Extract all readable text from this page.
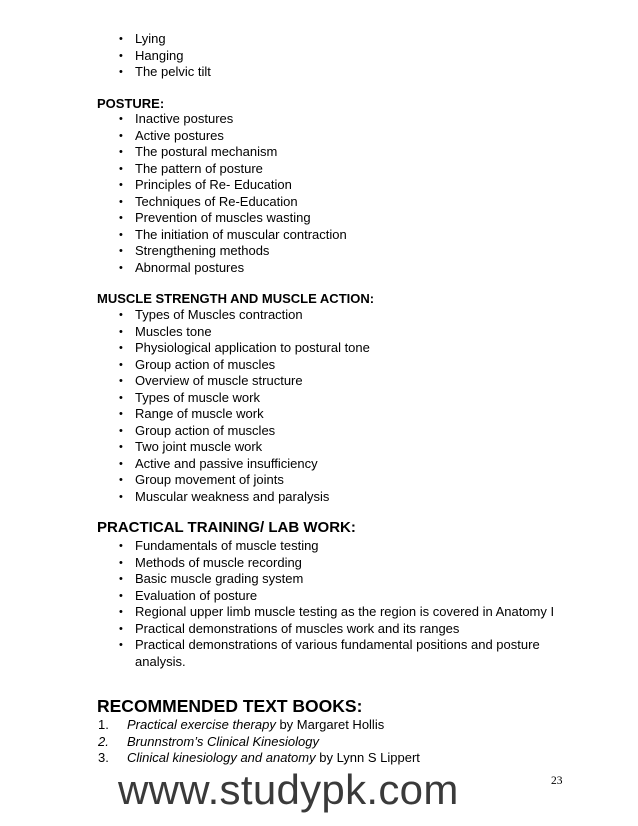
• Lying
• Hanging
• The pelvic tilt
POSTURE:
• Inactive postures
• Active postures
• The postural mechanism
• The pattern of posture
• Principles of Re- Education
• Techniques of Re-Education
• Prevention of muscles wasting
• The initiation of muscular contraction
• Strengthening methods
• Abnormal postures
MUSCLE STRENGTH AND MUSCLE ACTION:
• Types of Muscles contraction
• Muscles tone
• Physiological application to postural tone
• Group action of muscles
• Overview of muscle structure
• Types of muscle work
• Range of muscle work
• Group action of muscles
• Two joint muscle work
• Active and passive insufficiency
• Group movement of joints
• Muscular weakness and paralysis
PRACTICAL TRAINING/ LAB WORK:
• Fundamentals of muscle testing
• Methods of muscle recording
• Basic muscle grading system
• Evaluation of posture
• Regional upper limb muscle testing as the region is covered in Anatomy I
• Practical demonstrations of muscles work and its ranges
• Practical demonstrations of various fundamental positions and posture analysis.
RECOMMENDED TEXT BOOKS:
1. Practical exercise therapy by Margaret Hollis
2. Brunnstrom’s Clinical Kinesiology
3. Clinical kinesiology and anatomy by Lynn S Lippert
www.studypk.com	23
